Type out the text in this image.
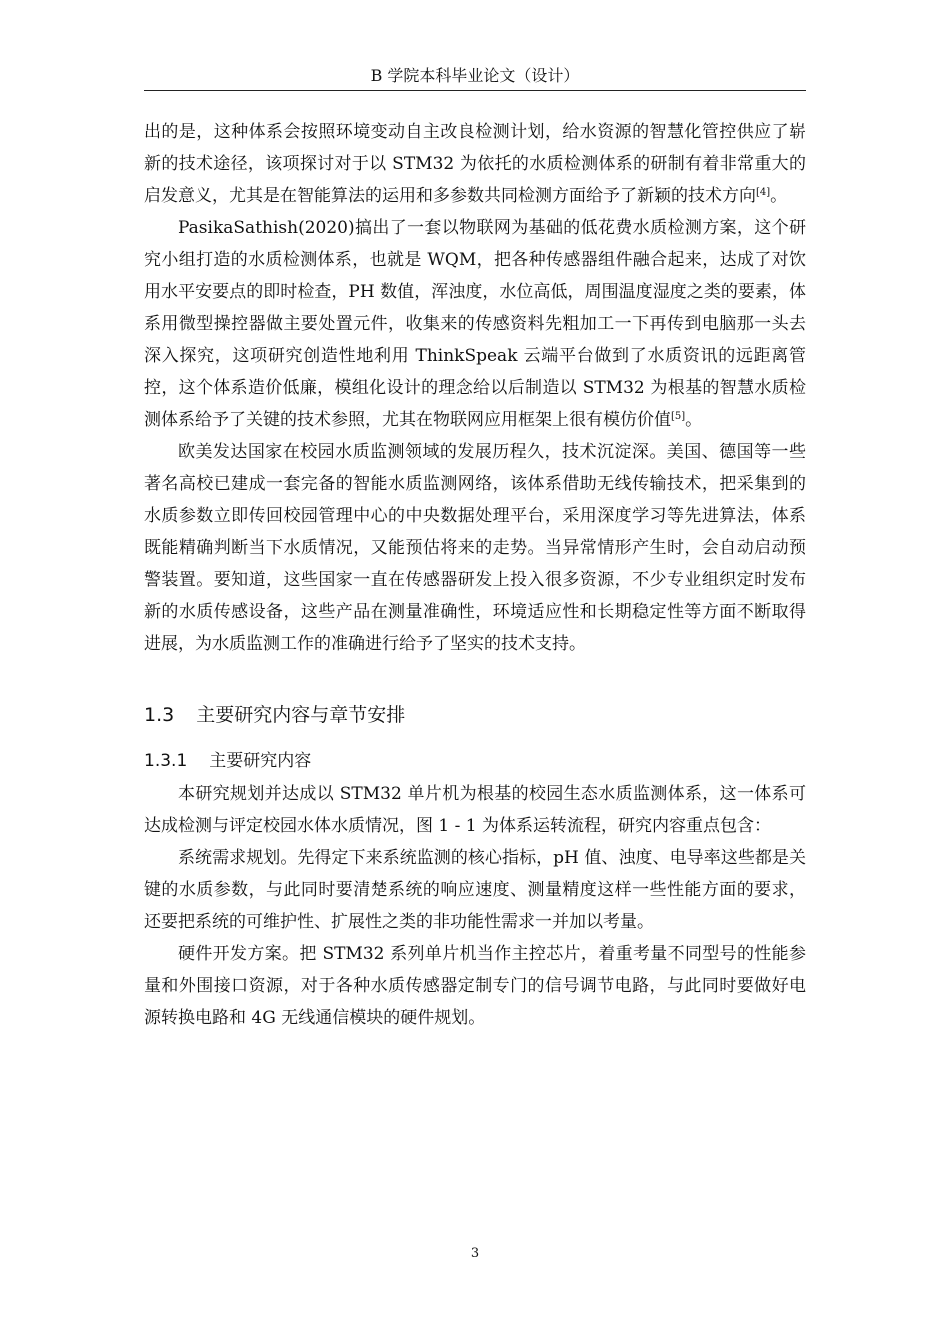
B 学院本科毕业论文（设计）

出的是，这种体系会按照环境变动自主改良检测计划，给水资源的智慧化管控供应了崭新的技术途径，该项探讨对于以 STM32 为依托的水质检测体系的研制有着非常重大的启发意义，尤其是在智能算法的运用和多参数共同检测方面给予了新颖的技术方向[4]。

PasikaSathish(2020)搞出了一套以物联网为基础的低花费水质检测方案，这个研究小组打造的水质检测体系，也就是 WQM，把各种传感器组件融合起来，达成了对饮用水平安要点的即时检查，PH 数值，浑浊度，水位高低，周围温度湿度之类的要素，体系用微型操控器做主要处置元件，收集来的传感资料先粗加工一下再传到电脑那一头去深入探究，这项研究创造性地利用 ThinkSpeak 云端平台做到了水质资讯的远距离管控，这个体系造价低廉，模组化设计的理念给以后制造以 STM32 为根基的智慧水质检测体系给予了关键的技术参照，尤其在物联网应用框架上很有模仿价值[5]。

欧美发达国家在校园水质监测领域的发展历程久，技术沉淀深。美国、德国等一些著名高校已建成一套完备的智能水质监测网络，该体系借助无线传输技术，把采集到的水质参数立即传回校园管理中心的中央数据处理平台，采用深度学习等先进算法，体系既能精确判断当下水质情况，又能预估将来的走势。当异常情形产生时，会自动启动预警装置。要知道，这些国家一直在传感器研发上投入很多资源，不少专业组织定时发布新的水质传感设备，这些产品在测量准确性，环境适应性和长期稳定性等方面不断取得进展，为水质监测工作的准确进行给予了坚实的技术支持。

1.3 主要研究内容与章节安排
1.3.1 主要研究内容

本研究规划并达成以 STM32 单片机为根基的校园生态水质监测体系，这一体系可达成检测与评定校园水体水质情况，图 1 - 1 为体系运转流程，研究内容重点包含：

系统需求规划。先得定下来系统监测的核心指标，pH 值、浊度、电导率这些都是关键的水质参数，与此同时要清楚系统的响应速度、测量精度这样一些性能方面的要求，还要把系统的可维护性、扩展性之类的非功能性需求一并加以考量。

硬件开发方案。把 STM32 系列单片机当作主控芯片，着重考量不同型号的性能参量和外围接口资源，对于各种水质传感器定制专门的信号调节电路，与此同时要做好电源转换电路和 4G 无线通信模块的硬件规划。

3
